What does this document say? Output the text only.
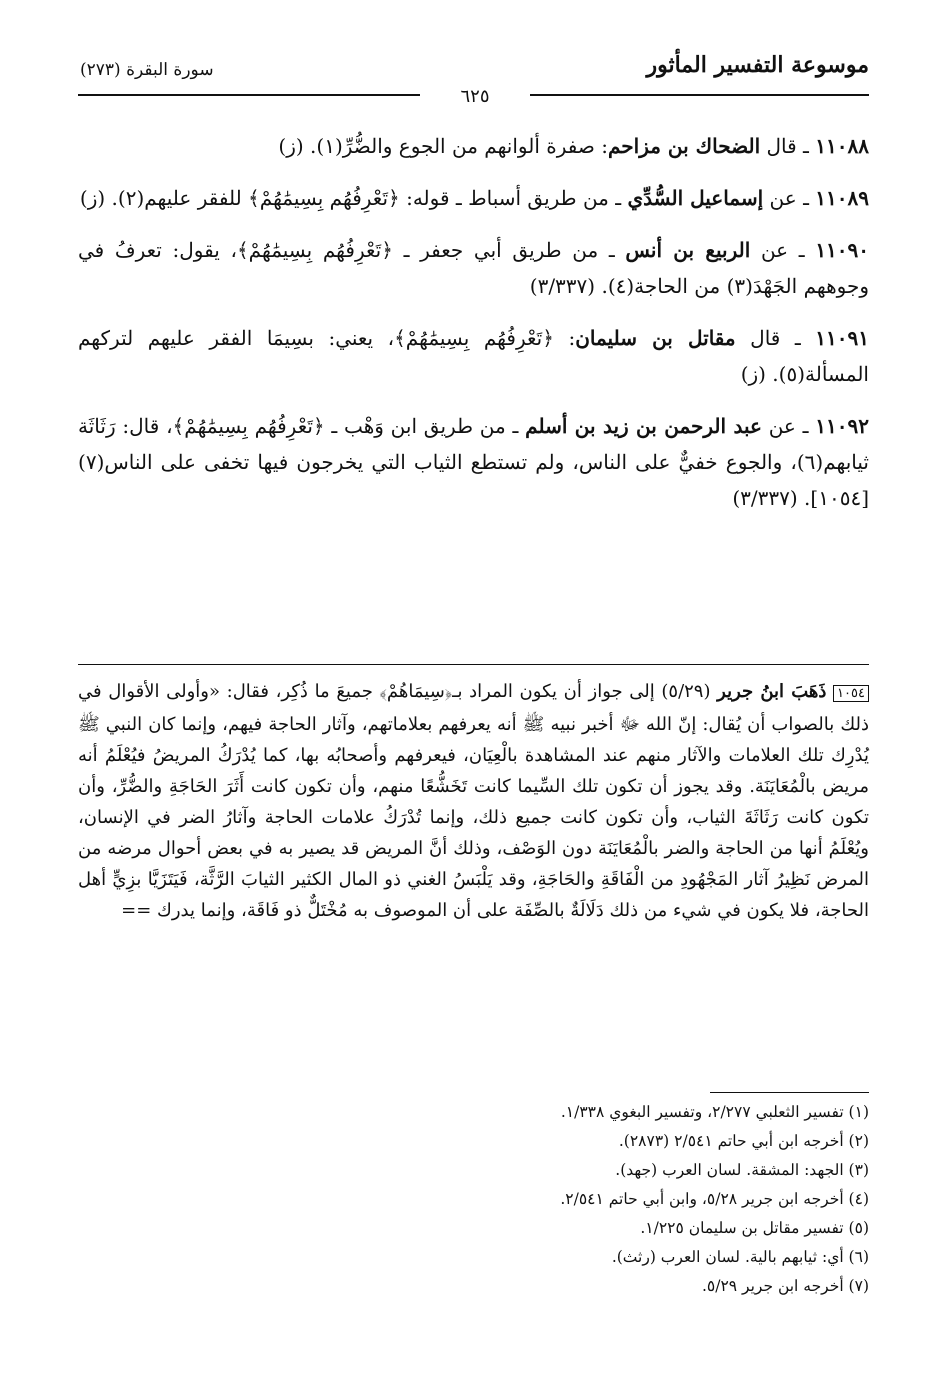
سورة البقرة (٢٧٣)	موسوعة التفسير المأثور
٦٢٥
١١٠٨٨ ـ قال الضحاك بن مزاحم: صفرة ألوانهم من الجوع والضُّرِّ(١). (ز)
١١٠٨٩ ـ عن إسماعيل السُّدِّي ـ من طريق أسباط ـ قوله: ﴿تَعْرِفُهُم بِسِيمَٰهُمْ﴾ للفقر عليهم(٢). (ز)
١١٠٩٠ ـ عن الربيع بن أنس ـ من طريق أبي جعفر ـ ﴿تَعْرِفُهُم بِسِيمَٰهُمْ﴾، يقول: تعرفُ في وجوههم الجَهْدَ(٣) من الحاجة(٤). (٣/٣٣٧)
١١٠٩١ ـ قال مقاتل بن سليمان: ﴿تَعْرِفُهُم بِسِيمَٰهُمْ﴾، يعني: بسِيمَا الفقر عليهم لتركهم المسألة(٥). (ز)
١١٠٩٢ ـ عن عبد الرحمن بن زيد بن أسلم ـ من طريق ابن وَهْب ـ ﴿تَعْرِفُهُم بِسِيمَٰهُمْ﴾، قال: رَثَاثَة ثيابهم(٦)، والجوع خفيٌّ على الناس، ولم تستطع الثياب التي يخرجون فيها تخفى على الناس(٧)[١٠٥٤]. (٣/٣٣٧)
١٠٥٤ ذَهَبَ ابنُ جرير (٥/٢٩) إلى جواز أن يكون المراد بـ﴿سِيمَاهُمْ﴾ جميعَ ما ذُكِر، فقال: «وأولى الأقوال في ذلك بالصواب أن يُقال: إنّ الله ﷻ أخبر نبيه ﷺ أنه يعرفهم بعلاماتهم، وآثار الحاجة فيهم، وإنما كان النبي ﷺ يُدْرِك تلك العلامات والآثار منهم عند المشاهدة بالْعِيَان، فيعرفهم وأصحابُه بها، كما يُدْرَكُ المريضُ فيُعْلَمُ أنه مريض بالْمُعَايَنَة. وقد يجوز أن تكون تلك السِّيما كانت تَخَشُّعًا منهم، وأن تكون كانت أَثَرَ الحَاجَةِ والضُّرِّ، وأن تكون كانت رَثَاثَةَ الثياب، وأن تكون كانت جميع ذلك، وإنما تُدْرَكُ علامات الحاجة وآثارُ الضر في الإنسان، ويُعْلَمُ أنها من الحاجة والضر بالْمُعَايَنَة دون الوَصْف، وذلك أنَّ المريض قد يصير به في بعض أحوال مرضه من المرض نَظِيرُ آثار المَجْهُودِ من الْفَاقَةِ والحَاجَةِ، وقد يَلْبَسُ الغني ذو المال الكثير الثيابَ الرَّثَّة، فَيَتَزَيَّا بزِيٍّ أهل الحاجة، فلا يكون في شيء من ذلك دَلَالَةٌ بالصِّفَة على أن الموصوف به مُخْتَلٌّ ذو فَاقَة، وإنما يدرك ==
(١) تفسير الثعلبي ٢/٢٧٧، وتفسير البغوي ١/٣٣٨.
(٢) أخرجه ابن أبي حاتم ٢/٥٤١ (٢٨٧٣).
(٣) الجهد: المشقة. لسان العرب (جهد).
(٤) أخرجه ابن جرير ٥/٢٨، وابن أبي حاتم ٢/٥٤١.
(٥) تفسير مقاتل بن سليمان ١/٢٢٥.
(٦) أي: ثيابهم بالية. لسان العرب (رثث).
(٧) أخرجه ابن جرير ٥/٢٩.
